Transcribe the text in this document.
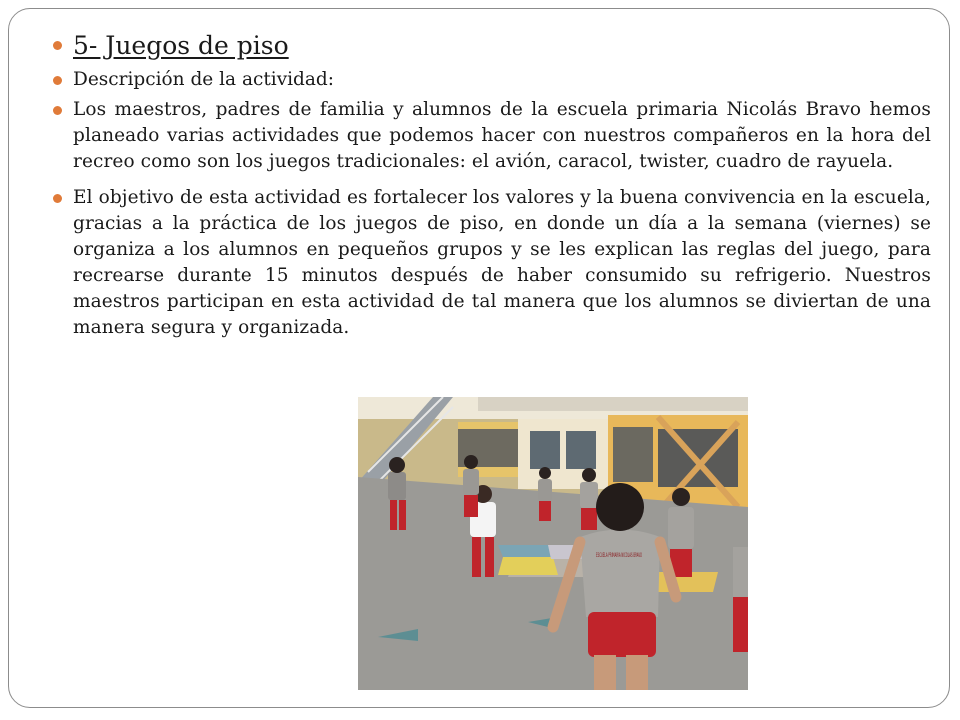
5- Juegos de piso
Descripción de la actividad:
Los maestros, padres de familia y alumnos de la escuela primaria Nicolás Bravo hemos planeado varias actividades que podemos hacer con nuestros compañeros en la hora del recreo como son los juegos tradicionales: el avión, caracol, twister, cuadro de rayuela.
El objetivo de esta actividad es fortalecer los valores y la buena convivencia en la escuela, gracias a la práctica de los juegos de piso, en donde un día a la semana (viernes) se organiza a los alumnos en pequeños grupos y se les explican las reglas del juego, para recrearse durante 15 minutos después de haber consumido su refrigerio. Nuestros maestros participan en esta actividad de tal manera que los alumnos se diviertan de una manera segura y organizada.
ESCUELA PRIMARIA NICOLAS BRAVO
